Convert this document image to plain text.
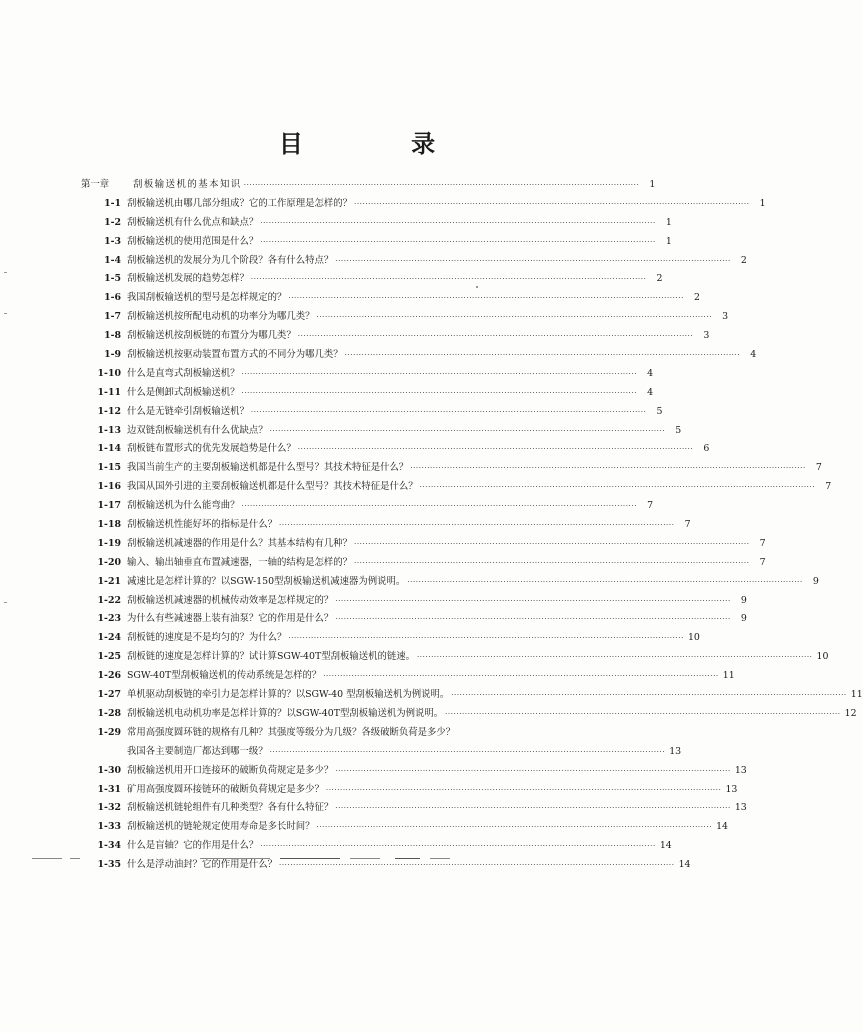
目 录
第一章	刮板输送机的基本知识 ············································································································································	1
1-1 刮板输送机由哪几部分组成？它的工作原理是怎样的？ ············································································································································	1
1-2 刮板输送机有什么优点和缺点？ ············································································································································	1
1-3 刮板输送机的使用范围是什么？ ············································································································································	1
1-4 刮板输送机的发展分为几个阶段？各有什么特点？ ············································································································································	2
1-5 刮板输送机发展的趋势怎样？ ············································································································································	2
1-6 我国刮板输送机的型号是怎样规定的？ ············································································································································	2
1-7 刮板输送机按所配电动机的功率分为哪几类？ ············································································································································	3
1-8 刮板输送机按刮板链的布置分为哪几类？ ············································································································································	3
1-9 刮板输送机按驱动装置布置方式的不同分为哪几类？ ············································································································································	4
1-10 什么是直弯式刮板输送机？ ············································································································································	4
1-11 什么是侧卸式刮板输送机？ ············································································································································	4
1-12 什么是无链牵引刮板输送机？ ············································································································································	5
1-13 边双链刮板输送机有什么优缺点？ ············································································································································	5
1-14 刮板链布置形式的优先发展趋势是什么？ ············································································································································	6
1-15 我国当前生产的主要刮板输送机都是什么型号？其技术特征是什么？ ············································································································································	7
1-16 我国从国外引进的主要刮板输送机都是什么型号？其技术特征是什么？ ············································································································································	7
1-17 刮板输送机为什么能弯曲？ ············································································································································	7
1-18 刮板输送机性能好坏的指标是什么？ ············································································································································	7
1-19 刮板输送机减速器的作用是什么？其基本结构有几种？ ············································································································································	7
1-20 输入、输出轴垂直布置减速器，一轴的结构是怎样的？ ············································································································································	7
1-21 减速比是怎样计算的？以SGW-150型刮板输送机减速器为例说明。 ············································································································································	9
1-22 刮板输送机减速器的机械传动效率是怎样规定的？ ············································································································································	9
1-23 为什么有些减速器上装有油泵？它的作用是什么？ ············································································································································	9
1-24 刮板链的速度是不是均匀的？为什么？ ············································································································································ 10
1-25 刮板链的速度是怎样计算的？试计算SGW-40T型刮板输送机的链速。 ············································································································································ 10
1-26 SGW-40T型刮板输送机的传动系统是怎样的？ ············································································································································ 11
1-27 单机驱动刮板链的牵引力是怎样计算的？以SGW-40 型刮板输送机为例说明。 ············································································································································ 11
1-28 刮板输送机电动机功率是怎样计算的？以SGW-40T型刮板输送机为例说明。 ············································································································································ 12
1-29 常用高强度圆环链的规格有几种？其强度等级分为几级？各级破断负荷是多少？
我国各主要制造厂都达到哪一级？ ············································································································································ 13
1-30 刮板输送机用开口连接环的破断负荷规定是多少？ ············································································································································ 13
1-31 矿用高强度圆环接链环的破断负荷规定是多少？ ············································································································································ 13
1-32 刮板输送机链轮组件有几种类型？各有什么特征？ ············································································································································ 13
1-33 刮板输送机的链轮规定使用寿命是多长时间？ ············································································································································ 14
1-34 什么是盲轴？它的作用是什么？ ············································································································································ 14
1-35 什么是浮动油封？它的作用是什么？ ············································································································································ 14
